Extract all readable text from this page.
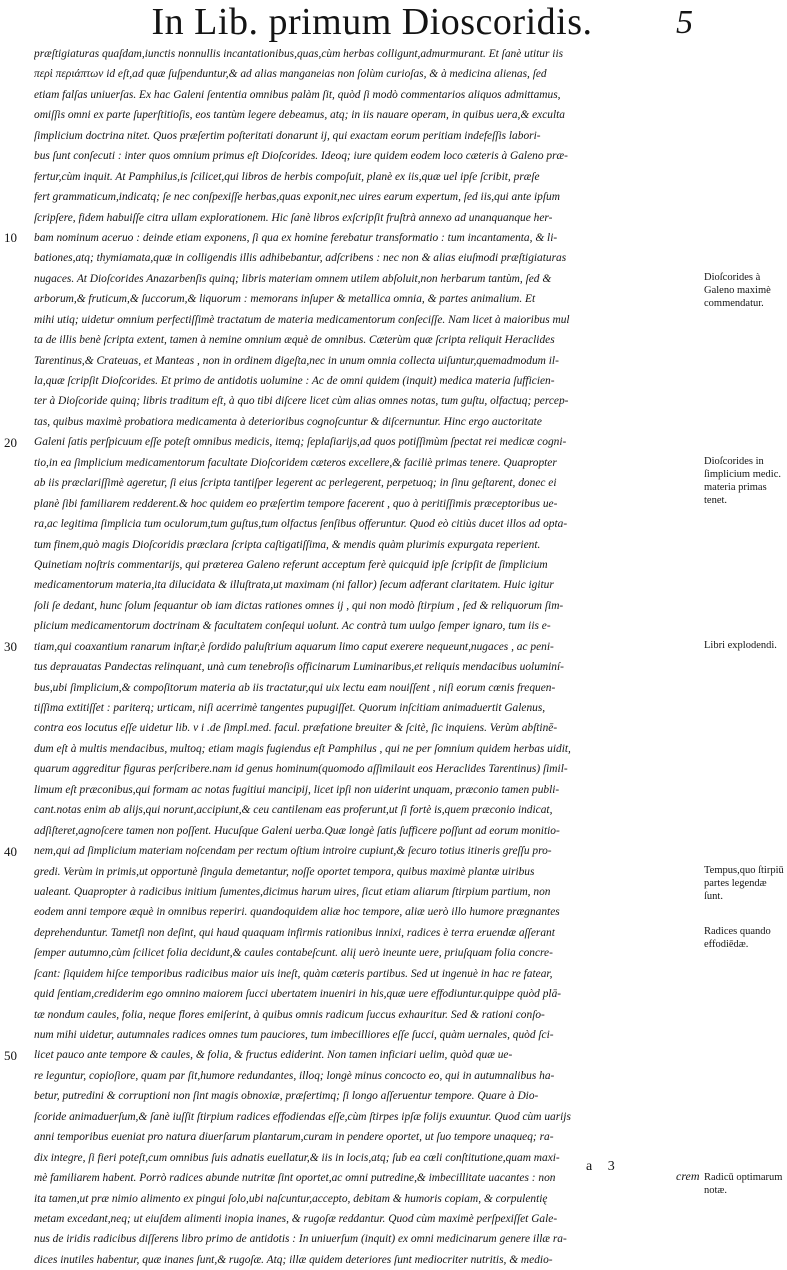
In Lib. primum Dioscoridis.	5
præſtigiaturas quaſdam,iunctis nonnullis incantationibus,quas,cùm herbas colligunt,admurmurant. Et ſanè utitur iis
περὶ περιάπτων id eſt,ad quæ ſuſpenduntur,& ad alias manganeias non ſolùm curioſas, & à medicina alienas, ſed
etiam falſas uniuerſas. Ex hac Galeni ſententia omnibus palàm ſit, quòd ſi modò commentarios aliquos admittamus,
omiſſis omni ex parte ſuperſtitioſis, eos tantùm legere debeamus, atq; in iis nauare operam, in quibus uera,& exculta
ſimplicium doctrina nitet. Quos præſertim poſteritati donarunt ij, qui exactam eorum peritiam indefeſſis labori-
bus ſunt conſecuti : inter quos omnium primus eſt Dioſcorides. Ideoq; iure quidem eodem loco cæteris à Galeno præ-
fertur,cùm inquit. At Pamphilus,is ſcilicet,qui libros de herbis compoſuit, planè ex iis,quæ uel ipſe ſcribit, præſe
fert grammaticum,indicatq; ſe nec conſpexiſſe herbas,quas exponit,nec uires earum expertum, ſed iis,qui ante ipſum
ſcripſere, fidem habuiſſe citra ullam explorationem. Hic ſanè libros exſcripſit fruſtrà annexo ad unanquanque her-
bam nominum aceruo : deinde etiam exponens, ſi qua ex homine ferebatur transformatio : tum incantamenta, & li-
bationes,atq; thymiamata,quæ in colligendis illis adhibebantur, adſcribens : nec non & alias eiuſmodi præſtigiaturas
nugaces. At Dioſcorides Anazarbenſis quinq; libris materiam omnem utilem abſoluit,non herbarum tantùm, ſed &
arborum,& fruticum,& ſuccorum,& liquorum : memorans inſuper & metallica omnia, & partes animalium. Et
mihi utiq; uidetur omnium perfectiſſimè tractatum de materia medicamentorum conſeciſſe. Nam licet à maioribus mul
ta de illis benè ſcripta extent, tamen à nemine omnium æquè de omnibus. Cæterùm quæ ſcripta reliquit Heraclides
Tarentinus,& Crateuas, et Manteas , non in ordinem digeſta,nec in unum omnia collecta uiſuntur,quemadmodum il-
la,quæ ſcripſit Dioſcorides. Et primo de antidotis uolumine : Ac de omni quidem (inquit) medica materia ſufficien-
ter à Dioſcoride quinq; libris traditum eſt, à quo tibi diſcere licet cùm alias omnes notas, tum guſtu, olfactuq; percep-
tas, quibus maximè probatiora medicamenta à deterioribus cognoſcuntur & diſcernuntur. Hinc ergo auctoritate
Galeni ſatis perſpicuum eſſe poteſt omnibus medicis, itemq; ſeplaſiarijs,ad quos potiſſimùm ſpectat rei medicæ cogni-
tio,in ea ſimplicium medicamentorum facultate Dioſcoridem cæteros excellere,& faciliè primas tenere. Quapropter
ab iis præclariſſimè ageretur, ſi eius ſcripta tantiſper legerent ac perlegerent, perpetuoq; in ſinu geſtarent, donec ei
planè ſibi familiarem redderent.& hoc quidem eo præſertim tempore facerent , quo à peritiſſimis præceptoribus ue-
ra,ac legitima ſimplicia tum oculorum,tum guſtus,tum olfactus ſenſibus offeruntur. Quod eò citiùs ducet illos ad opta-
tum finem,quò magis Dioſcoridis præclara ſcripta caſtigatiſſima, & mendis quàm plurimis expurgata reperient.
Quinetiam noſtris commentarijs, qui præterea Galeno referunt acceptum ferè quicquid ipſe ſcripſit de ſimplicium
medicamentorum materia,ita dilucidata & illuſtrata,ut maximam (ni fallor) ſecum adferant claritatem. Huic igitur
ſoli ſe dedant, hunc ſolum ſequantur ob iam dictas rationes omnes ij , qui non modò ſtirpium , ſed & reliquorum ſim-
plicium medicamentorum doctrinam & facultatem conſequi uolunt. Ac contrà tum uulgo ſemper ignaro, tum iis e-
tiam,qui coaxantium ranarum inſtar,è ſordido paluſtrium aquarum limo caput exerere nequeunt,nugaces , ac peni-
tus deprauatas Pandectas relinquant, unà cum tenebroſis officinarum Luminaribus,et reliquis mendacibus uoluminí-
bus,ubi ſimplicium,& compoſitorum materia ab iis tractatur,qui uix lectu eam nouiſſent , niſi eorum cœnis frequen-
tiſſima extitiſſet : pariterq; urticam, niſi acerrimè tangentes pupugiſſet. Quorum inſcitiam animaduertit Galenus,
contra eos locutus eſſe uidetur lib. v i .de ſimpl.med. facul. præfatione breuiter & ſcitè, ſic inquiens. Verùm abſtinē-
dum eſt à multis mendacibus, multoq; etiam magis fugiendus eſt Pamphilus , qui ne per ſomnium quidem herbas uidit,
quarum aggreditur figuras perſcribere.nam id genus hominum(quomodo aſſimilauit eos Heraclides Tarentinus) ſimil-
limum eſt præconibus,qui formam ac notas fugitiui mancipij, licet ipſi non uiderint unquam, præconio tamen publi-
cant.notas enim ab alijs,qui norunt,accipiunt,& ceu cantilenam eas proferunt,ut ſi fortè is,quem præconio indicat,
adſiſteret,agnoſcere tamen non poſſent. Hucuſque Galeni uerba.Quæ longè ſatis ſufficere poſſunt ad eorum monitio-
nem,qui ad ſimplicium materiam noſcendam per rectum oſtium introire cupiunt,& ſecuro totius itineris greſſu pro-
gredi. Verùm in primis,ut opportunè ſingula demetantur, noſſe oportet tempora, quibus maximè plantæ uiribus
ualeant. Quapropter à radicibus initium ſumentes,dicimus harum uires, ſicut etiam aliarum ſtirpium partium, non
eodem anni tempore æquè in omnibus reperiri. quandoquidem aliæ hoc tempore, aliæ uerò illo humore prægnantes
deprehenduntur. Tametſi non deſint, qui haud quaquam infirmis rationibus innixi, radices è terra eruendæ aſſerant
ſemper autumno,cùm ſcilicet folia decidunt,& caules contabeſcunt. aliį uerò ineunte uere, priuſquam folia concre-
ſcant: ſiquidem hiſce temporibus radicibus maior uis ineſt, quàm cæteris partibus. Sed ut ingenuè in hac re fatear,
quid ſentiam,crediderim ego omnino maiorem ſucci ubertatem inueniri in his,quæ uere effodiuntur.quippe quòd plā-
tæ nondum caules, folia, neque flores emiſerint, à quibus omnis radicum ſuccus exhauritur. Sed & rationi conſo-
num mihi uidetur, autumnales radices omnes tum pauciores, tum imbecilliores eſſe ſucci, quàm uernales, quòd ſci-
licet pauco ante tempore & caules, & folia, & fructus ediderint. Non tamen inficiari uelim, quòd quæ ue-
re leguntur, copioſiore, quam par ſit,humore redundantes, illoq; longè minus concocto eo, qui in autumnalibus ha-
betur, putredini & corruptioni non ſint magis obnoxiæ, præſertimq; ſi longo aſſeruentur tempore. Quare à Dio-
ſcoride animaduerſum,& ſanè iuſſit ſtirpium radices effodiendas eſſe,cùm ſtirpes ipſæ folijs exuuntur. Quod cùm uarijs
anni temporibus eueniat pro natura diuerſarum plantarum,curam in pendere oportet, ut ſuo tempore unaqueq; ra-
dix integre, ſi fieri poteſt,cum omnibus ſuis adnatis euellatur,& iis in locis,atq; ſub ea cœli conſtitutione,quam maxi-
mè familiarem habent. Porrò radices abunde nutritæ ſint oportet,ac omni putredine,& imbecillitate uacantes : non
ita tamen,ut præ nimio alimento ex pingui ſolo,ubi naſcuntur,accepto, debitam & humoris copiam, & corpulentię
metam excedant,neq; ut eiuſdem alimenti inopia inanes, & rugoſæ reddantur. Quod cùm maximè perſpexiſſet Gale-
nus de iridis radicibus diſſerens libro primo de antidotis : In uniuerſum (inquit) ex omni medicinarum genere illæ ra-
dices inutiles habentur, quæ inanes ſunt,& rugoſæ. Atq; illæ quidem deteriores ſunt mediocriter nutritis, & medio-
10
20
30
40
50
Dioſcorides à Galeno maximè commendatur.
Dioſcorides in ſimplicium medic. materia primas tenet.
Libri explodendi.
Tempus,quo ſtirpiū partes legendæ ſunt.
Radices quando effodiēdæ.
Radicū optimarum notæ.
a 3
crem
